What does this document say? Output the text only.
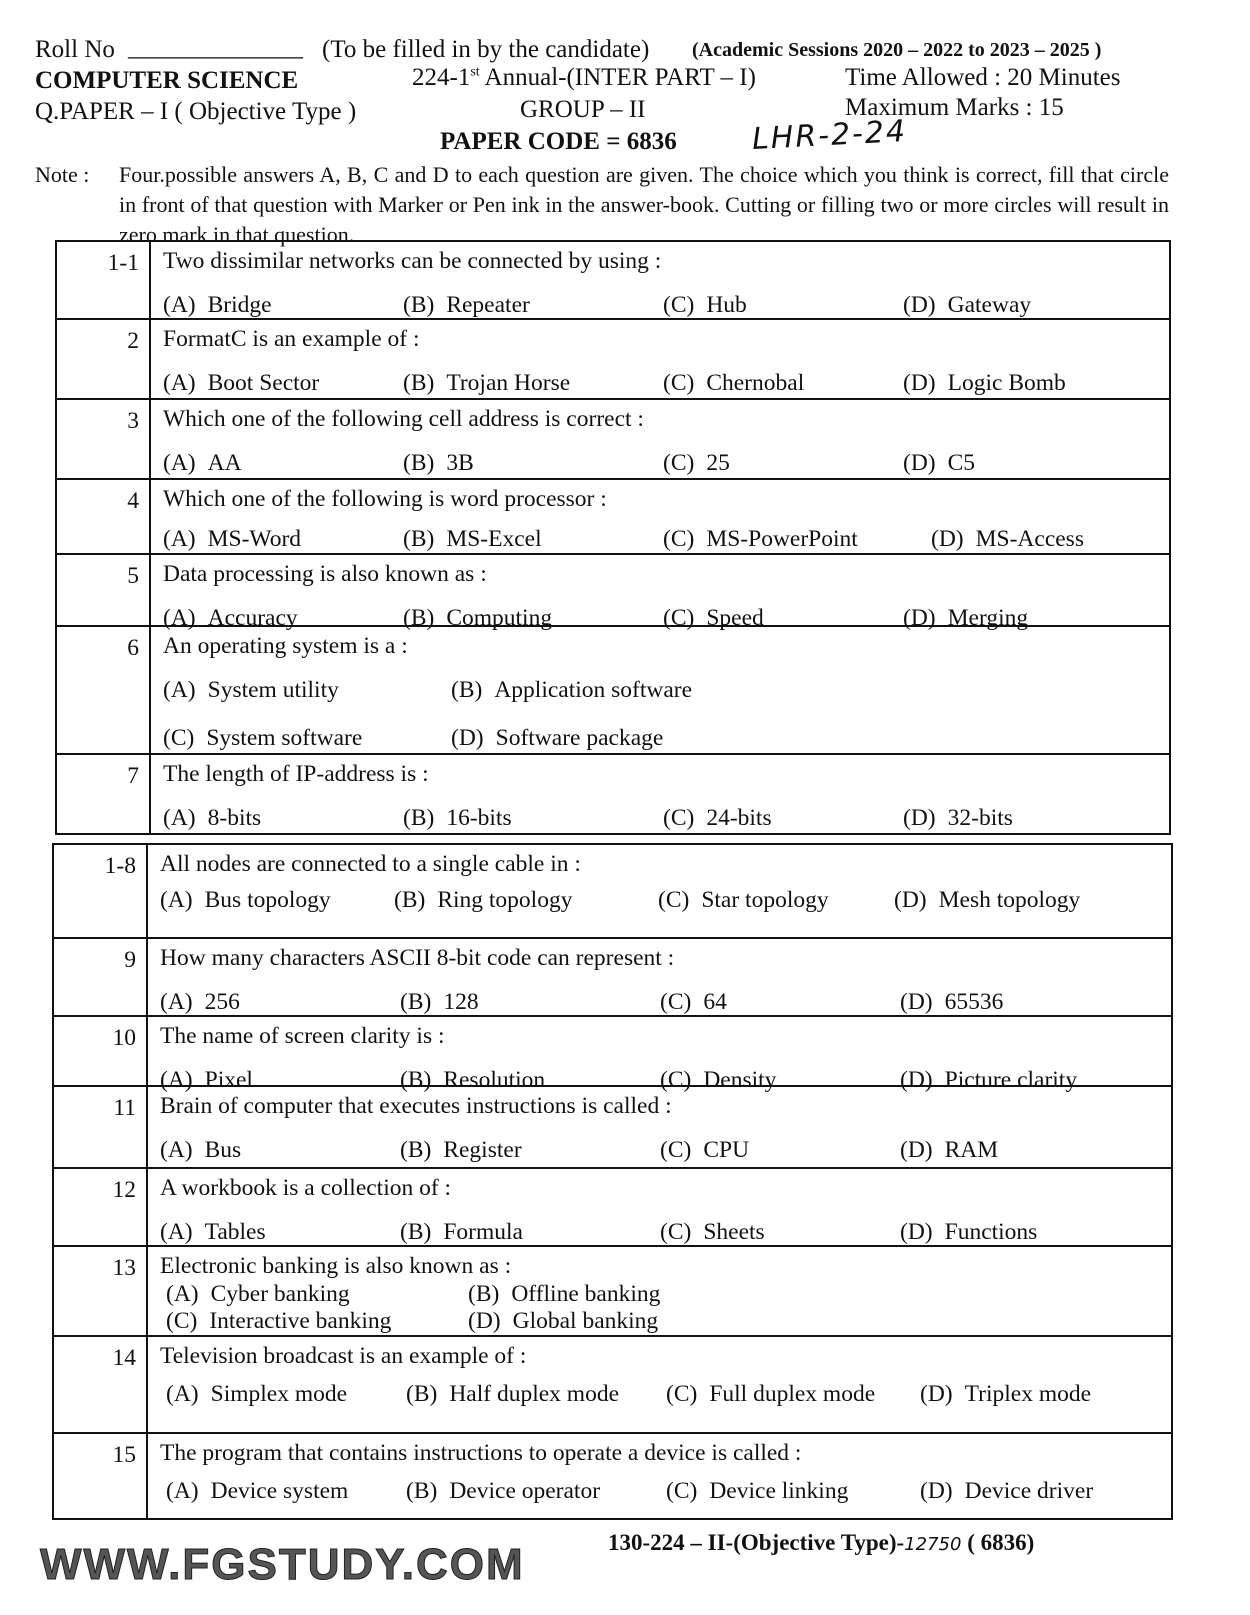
Roll No ______________ (To be filled in by the candidate) (Academic Sessions 2020 – 2022 to 2023 – 2025 )
COMPUTER SCIENCE	224-1st Annual-(INTER PART – I)	Time Allowed : 20 Minutes
Q.PAPER – I ( Objective Type )	GROUP – II	Maximum Marks : 15
PAPER CODE = 6836 LHR-2-24
Note : Four.possible answers A, B, C and D to each question are given. The choice which you think is correct, fill that circle in front of that question with Marker or Pen ink in the answer-book. Cutting or filling two or more circles will result in zero mark in that question.
1-1	Two dissimilar networks can be connected by using :
(A) Bridge (B) Repeater (C) Hub (D) Gateway

2	FormatC is an example of :
(A) Boot Sector (B) Trojan Horse (C) Chernobal (D) Logic Bomb

3	Which one of the following cell address is correct :
(A) AA (B) 3B (C) 25 (D) C5

4	Which one of the following is word processor :
(A) MS-Word (B) MS-Excel (C) MS-PowerPoint (D) MS-Access

5	Data processing is also known as :
(A) Accuracy (B) Computing (C) Speed (D) Merging

6	An operating system is a :
(A) System utility (B) Application software
(C) System software (D) Software package

7	The length of IP-address is :
(A) 8-bits (B) 16-bits (C) 24-bits (D) 32-bits
1-8	All nodes are connected to a single cable in :
(A) Bus topology (B) Ring topology (C) Star topology (D) Mesh topology

9	How many characters ASCII 8-bit code can represent :
(A) 256 (B) 128 (C) 64 (D) 65536

10	The name of screen clarity is :
(A) Pixel (B) Resolution (C) Density (D) Picture clarity

11	Brain of computer that executes instructions is called :
(A) Bus (B) Register (C) CPU (D) RAM

12	A workbook is a collection of :
(A) Tables (B) Formula (C) Sheets (D) Functions

13	Electronic banking is also known as :
(A) Cyber banking (B) Offline banking
(C) Interactive banking (D) Global banking

14	Television broadcast is an example of :
(A) Simplex mode (B) Half duplex mode (C) Full duplex mode (D) Triplex mode

15	The program that contains instructions to operate a device is called :
(A) Device system (B) Device operator (C) Device linking (D) Device driver
WWW.FGSTUDY.COM	130-224 – II-(Objective Type)-12750 ( 6836)
